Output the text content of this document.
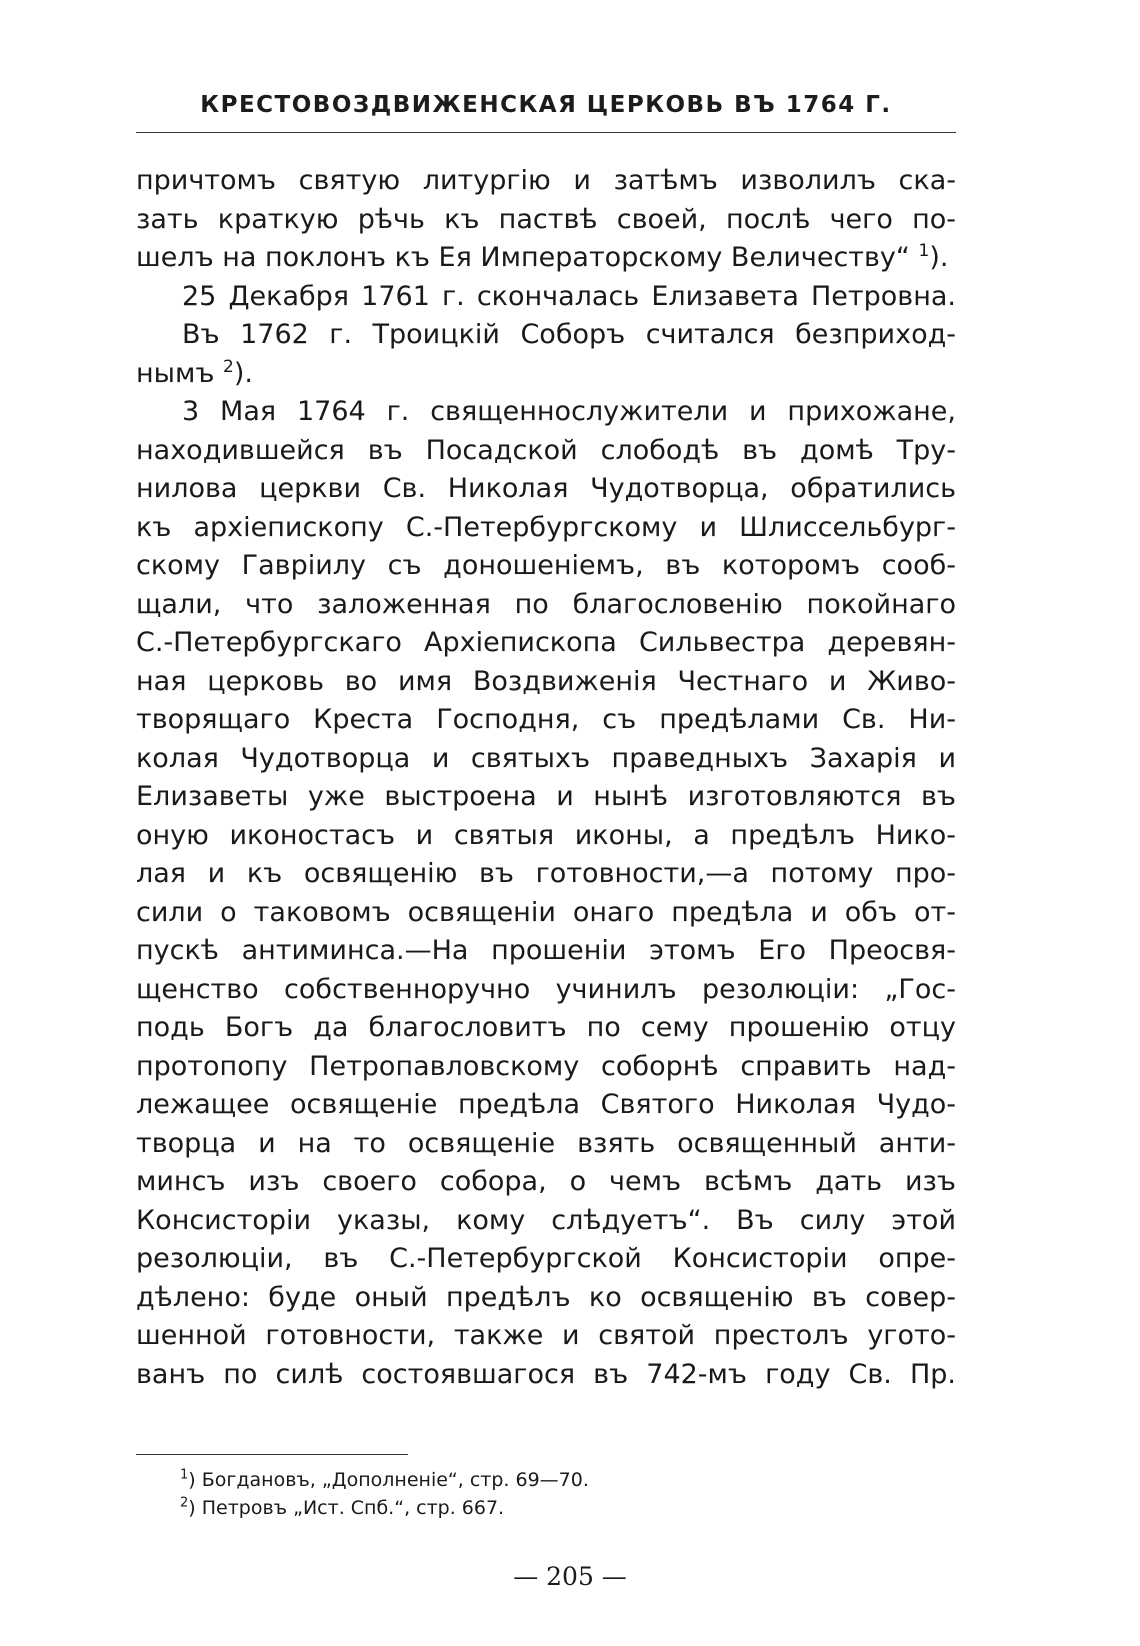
КРЕСТОВОЗДВИЖЕНСКАЯ ЦЕРКОВЬ ВЪ 1764 Г.
причтомъ святую литургію и затѣмъ изволилъ ска-
зать краткую рѣчь къ паствѣ своей, послѣ чего по-
шелъ на поклонъ къ Ея Императорскому Величеству“ $^1$).
25 Декабря 1761 г. скончалась Елизавета Петровна.
Въ 1762 г. Троицкій Соборъ считался безприход-
нымъ $^2$).
3 Мая 1764 г. священнослужители и прихожане,
находившейся въ Посадской слободѣ въ домѣ Тру-
нилова церкви Св. Николая Чудотворца, обратились
къ архіепископу С.-Петербургскому и Шлиссельбург-
скому Гавріилу съ доношеніемъ, въ которомъ сооб-
щали, что заложенная по благословенію покойнаго
С.-Петербургскаго Архіепископа Сильвестра деревян-
ная церковь во имя Воздвиженія Честнаго и Живо-
творящаго Креста Господня, съ предѣлами Св. Ни-
колая Чудотворца и святыхъ праведныхъ Захарія и
Елизаветы уже выстроена и нынѣ изготовляются въ
оную иконостасъ и святыя иконы, а предѣлъ Нико-
лая и къ освященію въ готовности,—а потому про-
сили о таковомъ освященіи онаго предѣла и объ от-
пускѣ антиминса.—На прошеніи этомъ Его Преосвя-
щенство собственноручно учинилъ резолюціи: „Гос-
подь Богъ да благословитъ по сему прошенію отцу
протопопу Петропавловскому соборнѣ справить над-
лежащее освященіе предѣла Святого Николая Чудо-
творца и на то освященіе взять освященный анти-
минсъ изъ своего собора, о чемъ всѣмъ дать изъ
Консисторіи указы, кому слѣдуетъ“. Въ силу этой
резолюціи, въ С.-Петербургской Консисторіи опре-
дѣлено: буде оный предѣлъ ко освященію въ совер-
шенной готовности, также и святой престолъ угото-
ванъ по силѣ состоявшагося въ 742-мъ году Св. Пр.
$^1$) Богдановъ, „Дополненіе“, стр. 69—70.
$^2$) Петровъ „Ист. Спб.“, стр. 667.
— 205 —
